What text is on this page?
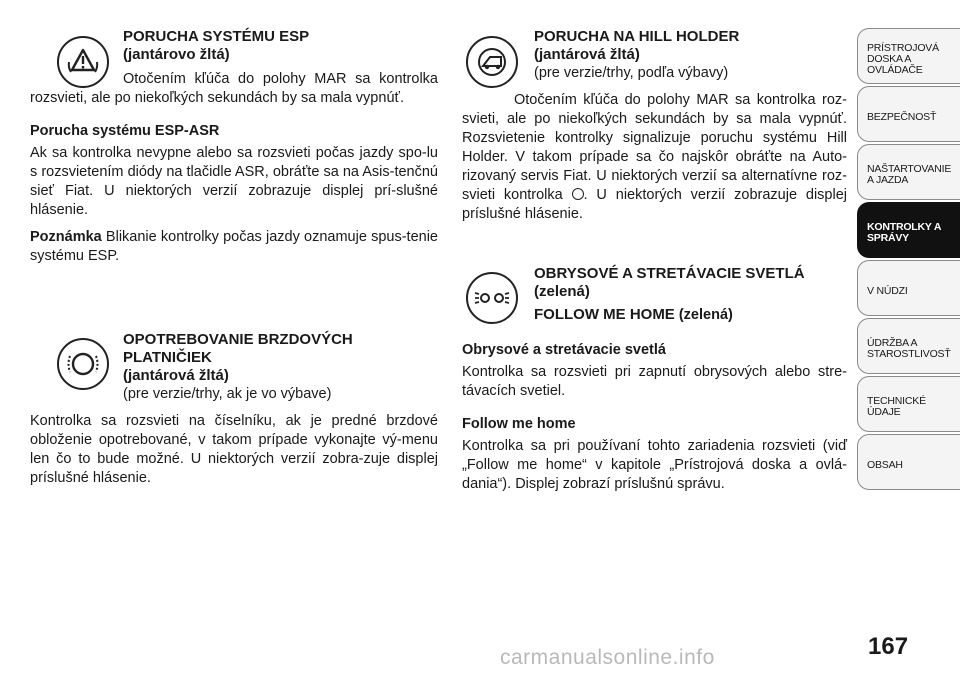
PORUCHA SYSTÉMU ESP
(jantárovo žltá)

Otočením kľúča do polohy MAR sa kontrolka rozsvieti, ale po niekoľkých sekundách by sa mala vypnúť.

Porucha systému ESP-ASR

Ak sa kontrolka nevypne alebo sa rozsvieti počas jazdy spo-lu s rozsvietením diódy na tlačidle ASR, obráťte sa na Asis-tenčnú sieť Fiat. U niektorých verzií zobrazuje displej prí-slušné hlásenie.

Poznámka Blikanie kontrolky počas jazdy oznamuje spus-tenie systému ESP.

OPOTREBOVANIE BRZDOVÝCH PLATNIČIEK
(jantárová žltá)
(pre verzie/trhy, ak je vo výbave)

Kontrolka sa rozsvieti na číselníku, ak je predné brzdové obloženie opotrebované, v takom prípade vykonajte vý-menu len čo to bude možné. U niektorých verzií zobra-zuje displej príslušné hlásenie.

PORUCHA NA HILL HOLDER
(jantárová žltá)
(pre verzie/trhy, podľa výbavy)

Otočením kľúča do polohy MAR sa kontrolka roz-svieti, ale po niekoľkých sekundách by sa mala vypnúť. Rozsvietenie kontrolky signalizuje poruchu systému Hill Holder. V takom prípade sa čo najskôr obráťte na Auto-rizovaný servis Fiat. U niektorých verzií sa alternatívne roz-svieti kontrolka . U niektorých verzií zobrazuje displej príslušné hlásenie.

OBRYSOVÉ A STRETÁVACIE SVETLÁ
(zelená)
FOLLOW ME HOME (zelená)
Obrysové a stretávacie svetlá

Kontrolka sa rozsvieti pri zapnutí obrysových alebo stre-távacích svetiel.

Follow me home

Kontrolka sa pri používaní tohto zariadenia rozsvieti (viď „Follow me home“ v kapitole „Prístrojová doska a ovlá-dania“). Displej zobrazí príslušnú správu.

PRÍSTROJOVÁ DOSKA A OVLÁDAČE
BEZPEČNOSŤ
NAŠTARTOVANIE A JAZDA
KONTROLKY A SPRÁVY
V NÚDZI
ÚDRŽBA A STAROSTLIVOSŤ
TECHNICKÉ ÚDAJE
OBSAH
167
carmanualsonline.info
